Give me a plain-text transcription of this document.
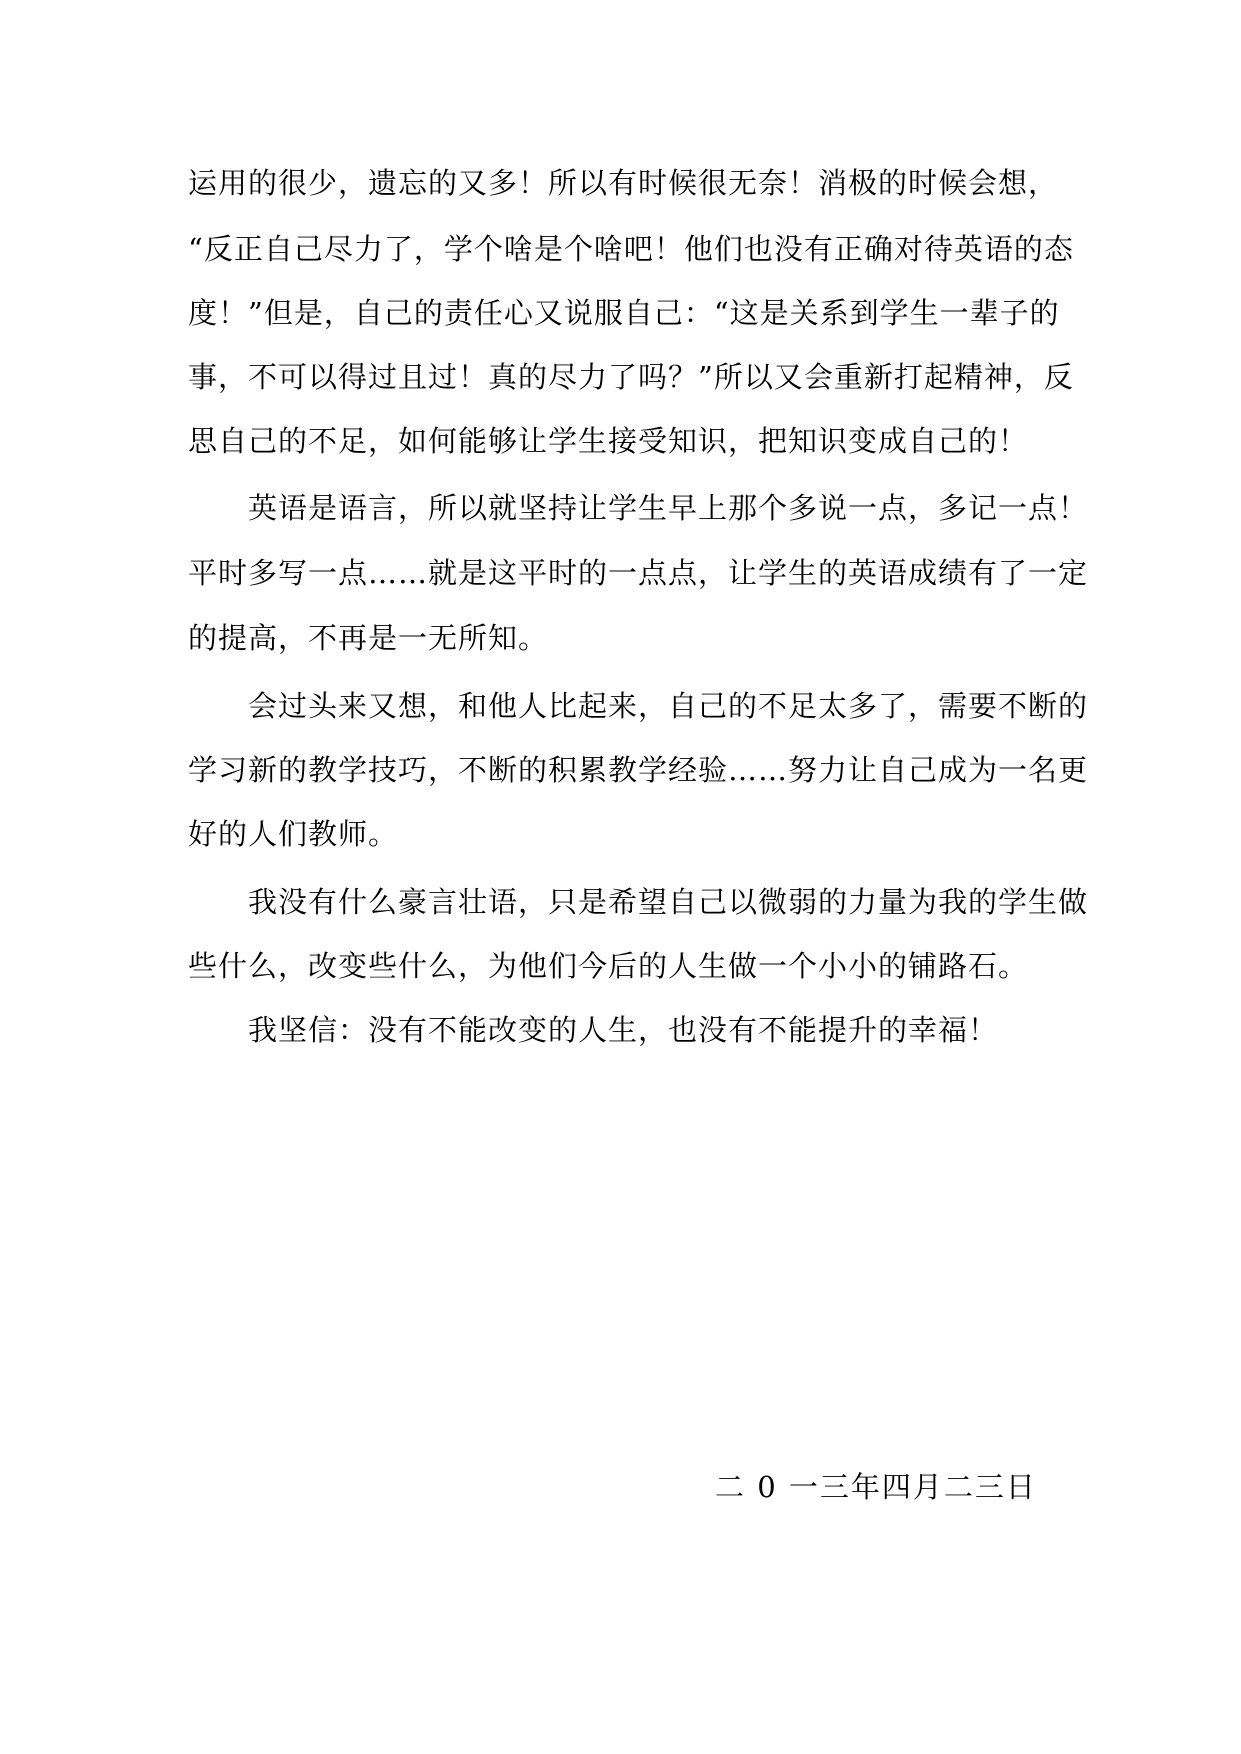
运用的很少，遗忘的又多！所以有时候很无奈！消极的时候会想，
“反正自己尽力了，学个啥是个啥吧！他们也没有正确对待英语的态
度！”但是，自己的责任心又说服自己：“这是关系到学生一辈子的
事，不可以得过且过！真的尽力了吗？”所以又会重新打起精神，反
思自己的不足，如何能够让学生接受知识，把知识变成自己的！
英语是语言，所以就坚持让学生早上那个多说一点，多记一点！
平时多写一点……就是这平时的一点点，让学生的英语成绩有了一定
的提高，不再是一无所知。
会过头来又想，和他人比起来，自己的不足太多了，需要不断的
学习新的教学技巧，不断的积累教学经验……努力让自己成为一名更
好的人们教师。
我没有什么豪言壮语，只是希望自己以微弱的力量为我的学生做
些什么，改变些什么，为他们今后的人生做一个小小的铺路石。
我坚信：没有不能改变的人生，也没有不能提升的幸福！
二 0 一三年四月二三日
